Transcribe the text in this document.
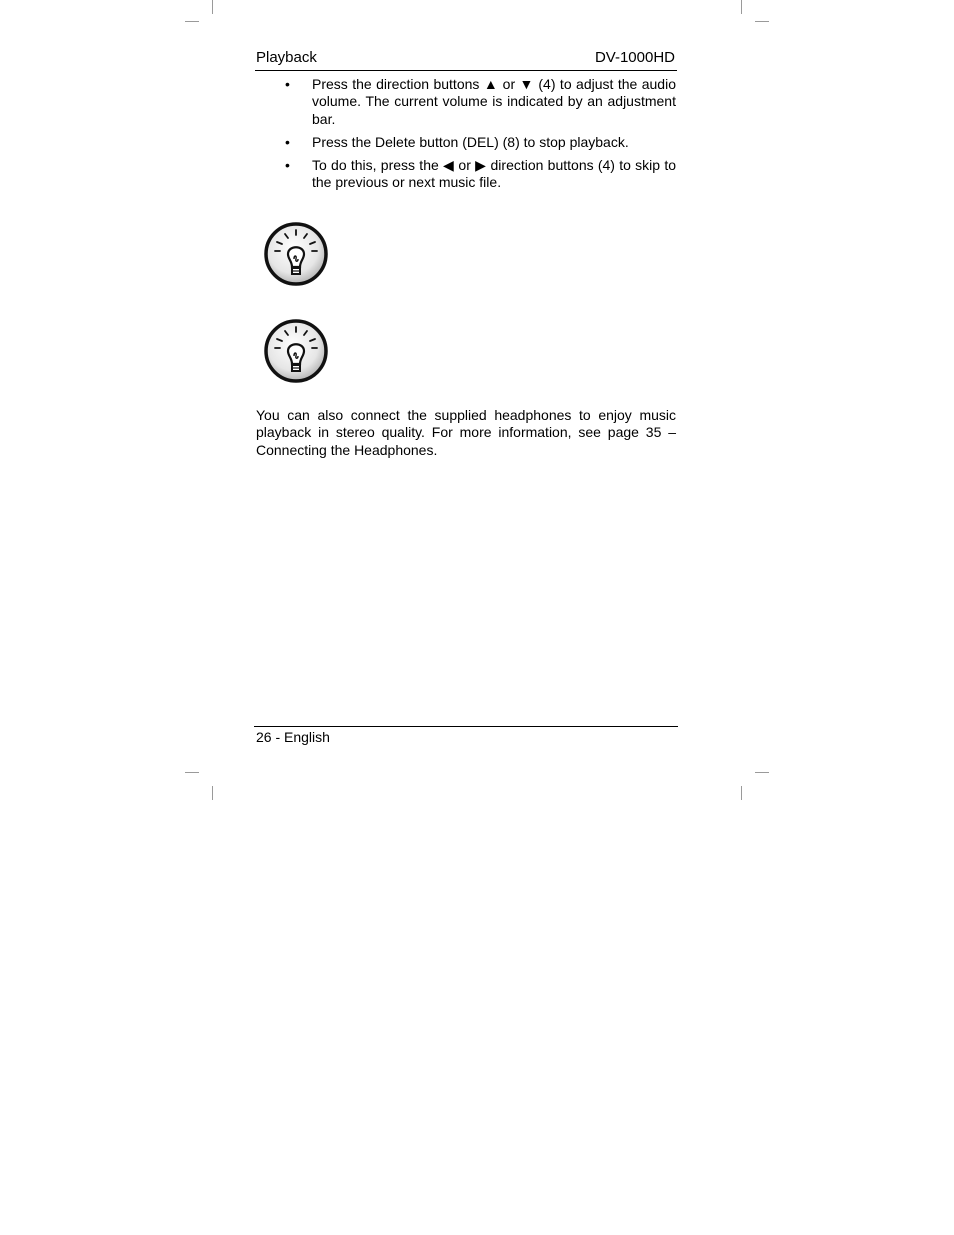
Playback	DV-1000HD
•	Press the direction buttons ▲ or ▼ (4) to adjust the audio volume. The current volume is indicated by an adjustment bar.
•	Press the Delete button (DEL) (8) to stop playback.
•	To do this, press the ◀ or ▶ direction buttons (4) to skip to the previous or next music file.

You can also connect the supplied headphones to enjoy music playback in stereo quality. For more information, see page 35 – Connecting the Headphones.

26 - English
